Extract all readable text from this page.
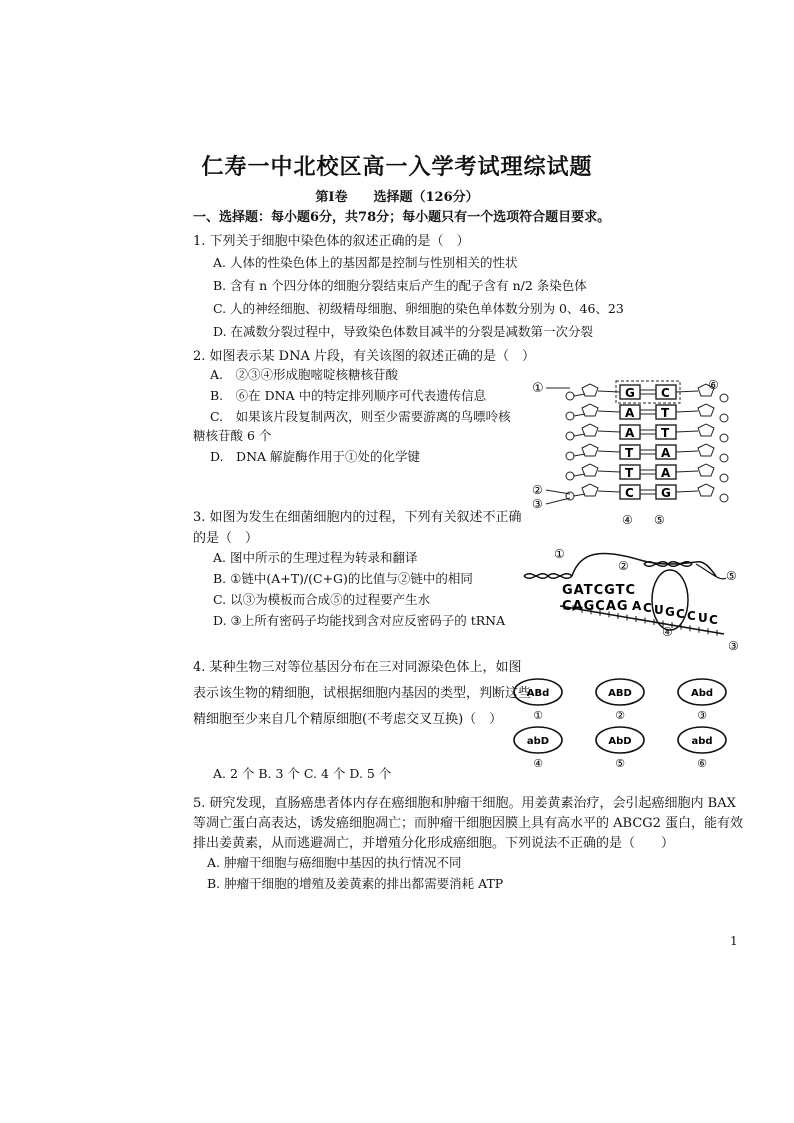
仁寿一中北校区高一入学考试理综试题
第Ⅰ卷　　选择题（126分）
一、选择题：每小题6分，共78分；每小题只有一个选项符合题目要求。
1. 下列关于细胞中染色体的叙述正确的是（　）
A. 人体的性染色体上的基因都是控制与性别相关的性状
B. 含有 n 个四分体的细胞分裂结束后产生的配子含有 n/2 条染色体
C. 人的神经细胞、初级精母细胞、卵细胞的染色单体数分别为 0、46、23
D. 在减数分裂过程中，导致染色体数目减半的分裂是减数第一次分裂
2. 如图表示某 DNA 片段，有关该图的叙述正确的是（　）
A.　②③④形成胞嘧啶核糖核苷酸
B.　⑥在 DNA 中的特定排列顺序可代表遗传信息
C.　如果该片段复制两次，则至少需要游离的鸟嘌呤核
糖核苷酸 6 个
D.　DNA 解旋酶作用于①处的化学键
G C
A T
A T
T A
T A
C G
⑥
①
②
③
④ ⑤
3. 如图为发生在细菌细胞内的过程，下列有关叙述不正确
的是（　）
A. 图中所示的生理过程为转录和翻译
B. ①链中(A+T)/(C+G)的比值与②链中的相同
C. 以③为模板而合成⑤的过程要产生水
D. ③上所有密码子均能找到含对应反密码子的 tRNA
GATCGTC
CAGCAG A C U G C C U C
①
②
③
④
⑤
4. 某种生物三对等位基因分布在三对同源染色体上，如图
表示该生物的精细胞，试根据细胞内基因的类型，判断这些
精细胞至少来自几个精原细胞(不考虑交叉互换)（　）
A. 2 个 B. 3 个 C. 4 个 D. 5 个
ABd
①
ABD
②
Abd
③
abD
④
AbD
⑤
abd
⑥
5. 研究发现，直肠癌患者体内存在癌细胞和肿瘤干细胞。用姜黄素治疗，会引起癌细胞内 BAX
等凋亡蛋白高表达，诱发癌细胞凋亡；而肿瘤干细胞因膜上具有高水平的 ABCG2 蛋白，能有效
排出姜黄素，从而逃避凋亡，并增殖分化形成癌细胞。下列说法不正确的是（　　）
A. 肿瘤干细胞与癌细胞中基因的执行情况不同
B. 肿瘤干细胞的增殖及姜黄素的排出都需要消耗 ATP
1
